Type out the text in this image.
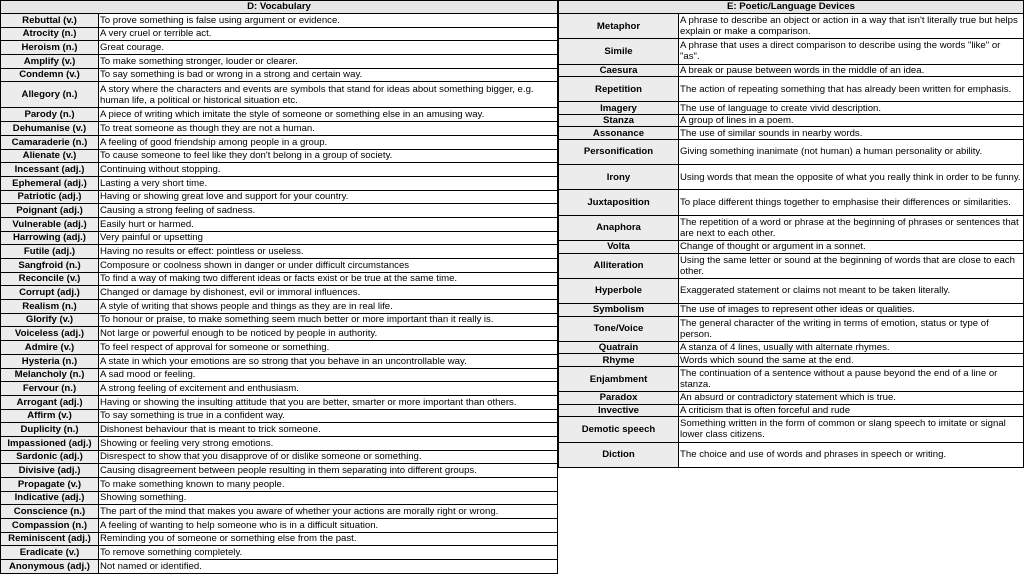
D: Vocabulary	
Rebuttal (v.)	To prove something is false using argument or evidence.
Atrocity (n.)	A very cruel or terrible act.
Heroism (n.)	Great courage.
Amplify (v.)	To make something stronger, louder or clearer.
Condemn (v.)	To say something is bad or wrong in a strong and certain way.
Allegory (n.)	A story where the characters and events are symbols that stand for ideas about something bigger, e.g. human life, a political or historical situation etc.
Parody (n.)	A piece of writing which imitate the style of someone or something else in an amusing way.
Dehumanise (v.)	To treat someone as though they are not a human.
Camaraderie (n.)	A feeling of good friendship among people in a group.
Alienate (v.)	To cause someone to feel like they don't belong in a group of society.
Incessant (adj.)	Continuing without stopping.
Ephemeral (adj.)	Lasting a very short time.
Patriotic (adj.)	Having or showing great love and support for your country.
Poignant (adj.)	Causing a strong feeling of sadness.
Vulnerable (adj.)	Easily hurt or harmed.
Harrowing (adj.)	Very painful or upsetting
Futile (adj.)	Having no results or effect: pointless or useless.
Sangfroid (n.)	Composure or coolness shown in danger or under difficult circumstances
Reconcile (v.)	To find a way of making two different ideas or facts exist or be true at the same time.
Corrupt (adj.)	Changed or damage by dishonest, evil or immoral influences.
Realism (n.)	A style of writing that shows people and things as they are in real life.
Glorify (v.)	To honour or praise, to make something seem much better or more important than it really is.
Voiceless (adj.)	Not large or powerful enough to be noticed by people in authority.
Admire (v.)	To feel respect of approval for someone or something.
Hysteria (n.)	A state in which your emotions are so strong that you behave in an uncontrollable way.
Melancholy (n.)	A sad mood or feeling.
Fervour (n.)	A strong feeling of excitement and enthusiasm.
Arrogant (adj.)	Having or showing the insulting attitude that you are better, smarter or more important than others.
Affirm (v.)	To say something is true in a confident way.
Duplicity (n.)	Dishonest behaviour that is meant to trick someone.
Impassioned (adj.)	Showing or feeling very strong emotions.
Sardonic (adj.)	Disrespect to show that you disapprove of or dislike someone or something.
Divisive (adj.)	Causing disagreement between people resulting in them separating into different groups.
Propagate (v.)	To make something known to many people.
Indicative (adj.)	Showing something.
Conscience (n.)	The part of the mind that makes you aware of whether your actions are morally right or wrong.
Compassion (n.)	A feeling of wanting to help someone who is in a difficult situation.
Reminiscent (adj.)	Reminding you of someone or something else from the past.
Eradicate (v.)	To remove something completely.
Anonymous (adj.)	Not named or identified.
E: Poetic/Language Devices	
Metaphor	A phrase to describe an object or action in a way that isn't literally true but helps explain or make a comparison.
Simile	A phrase that uses a direct comparison to describe using the words "like" or "as".
Caesura	A break or pause between words in the middle of an idea.
Repetition	The action of repeating something that has already been written for emphasis.
Imagery	The use of language to create vivid description.
Stanza	A group of lines in a poem.
Assonance	The use of similar sounds in nearby words.
Personification	Giving something inanimate (not human) a human personality or ability.
Irony	Using words that mean the opposite of what you really think in order to be funny.
Juxtaposition	To place different things together to emphasise their differences or similarities.
Anaphora	The repetition of a word or phrase at the beginning of phrases or sentences that are next to each other.
Volta	Change of thought or argument in a sonnet.
Alliteration	Using the same letter or sound at the beginning of words that are close to each other.
Hyperbole	Exaggerated statement or claims not meant to be taken literally.
Symbolism	The use of images to represent other ideas or qualities.
Tone/Voice	The general character of the writing in terms of emotion, status or type of person.
Quatrain	A stanza of 4 lines, usually with alternate rhymes.
Rhyme	Words which sound the same at the end.
Enjambment	The continuation of a sentence without a pause beyond the end of a line or stanza.
Paradox	An absurd or contradictory statement which is true.
Invective	A criticism that is often forceful and rude
Demotic speech	Something written in the form of common or slang speech to imitate or signal lower class citizens.
Diction	The choice and use of words and phrases in speech or writing.
